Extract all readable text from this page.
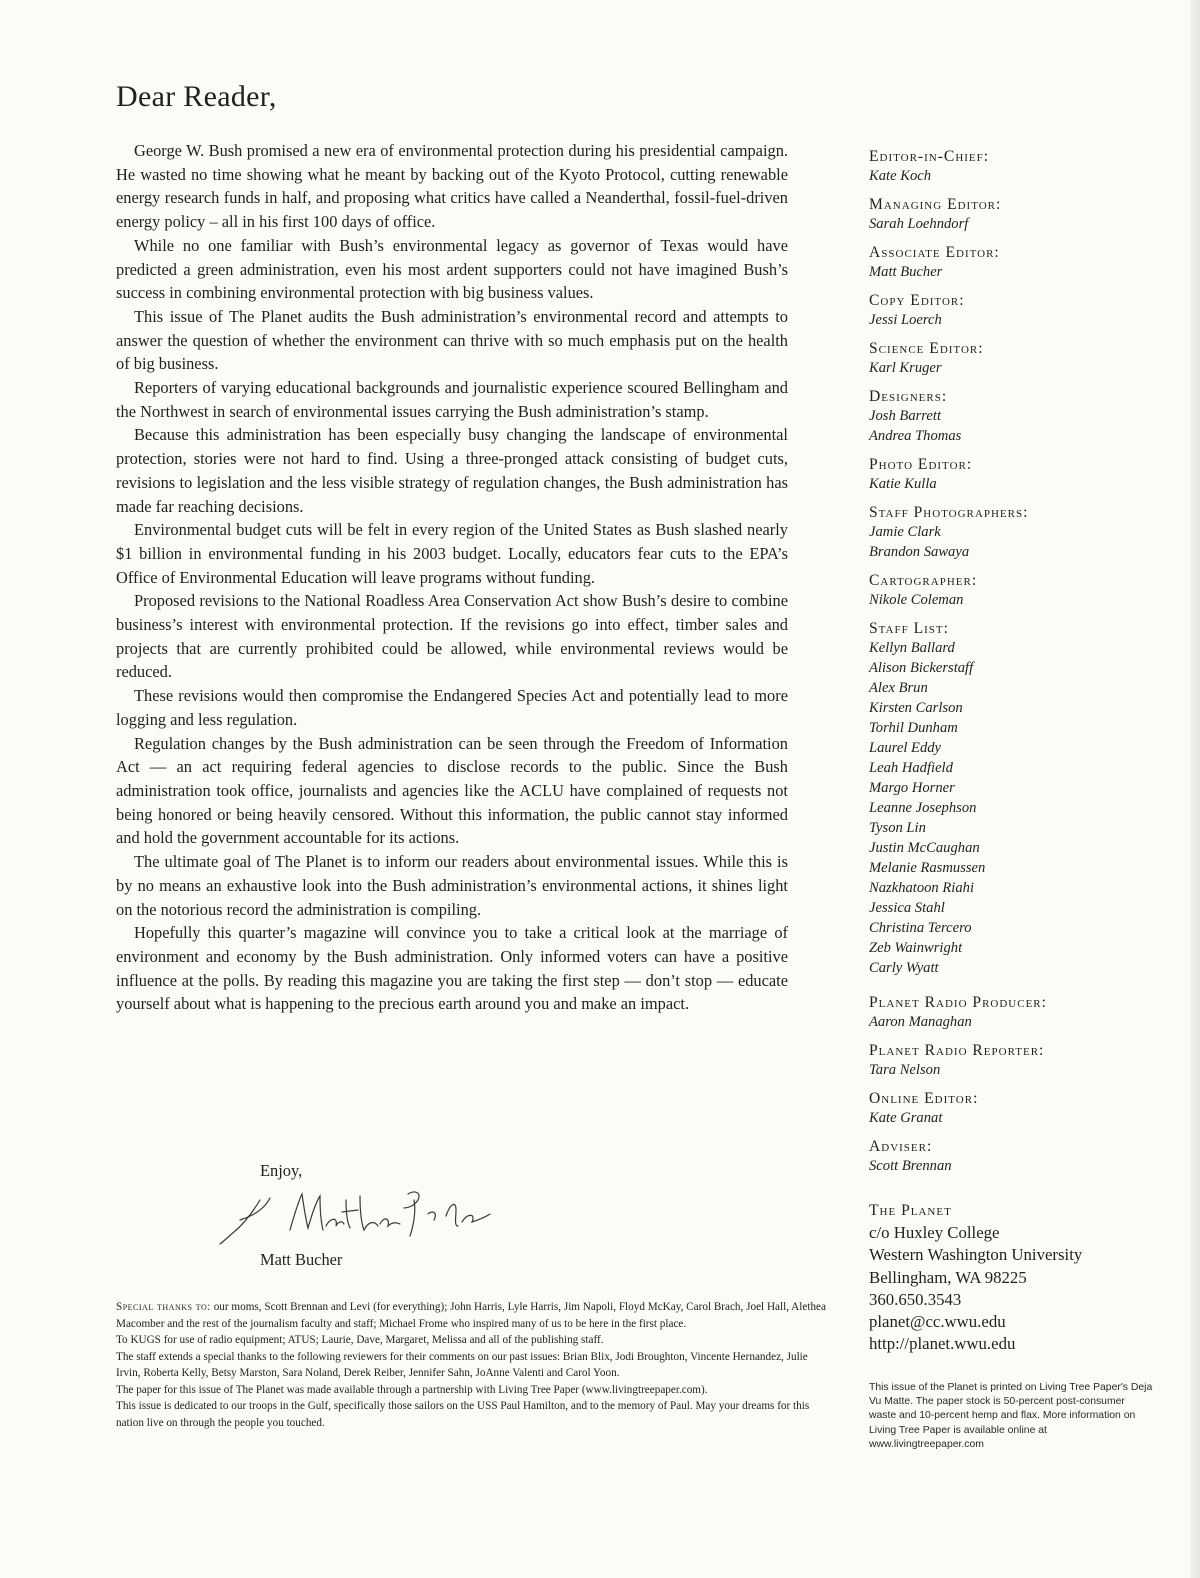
Dear Reader,

George W. Bush promised a new era of environmental protection during his presidential campaign. He wasted no time showing what he meant by backing out of the Kyoto Protocol, cutting renewable energy research funds in half, and proposing what critics have called a Neanderthal, fossil-fuel-driven energy policy – all in his first 100 days of office.

While no one familiar with Bush’s environmental legacy as governor of Texas would have predicted a green administration, even his most ardent supporters could not have imagined Bush’s success in combining environmental protection with big business values.

This issue of The Planet audits the Bush administration’s environmental record and attempts to answer the question of whether the environment can thrive with so much emphasis put on the health of big business.

Reporters of varying educational backgrounds and journalistic experience scoured Bellingham and the Northwest in search of environmental issues carrying the Bush administration’s stamp.

Because this administration has been especially busy changing the landscape of environmental protection, stories were not hard to find. Using a three-pronged attack consisting of budget cuts, revisions to legislation and the less visible strategy of regulation changes, the Bush administration has made far reaching decisions.

Environmental budget cuts will be felt in every region of the United States as Bush slashed nearly $1 billion in environmental funding in his 2003 budget. Locally, educators fear cuts to the EPA’s Office of Environmental Education will leave programs without funding.

Proposed revisions to the National Roadless Area Conservation Act show Bush’s desire to combine business’s interest with environmental protection. If the revisions go into effect, timber sales and projects that are currently prohibited could be allowed, while environmental reviews would be reduced.

These revisions would then compromise the Endangered Species Act and potentially lead to more logging and less regulation.

Regulation changes by the Bush administration can be seen through the Freedom of Information Act — an act requiring federal agencies to disclose records to the public. Since the Bush administration took office, journalists and agencies like the ACLU have complained of requests not being honored or being heavily censored. Without this information, the public cannot stay informed and hold the government accountable for its actions.

The ultimate goal of The Planet is to inform our readers about environmental issues. While this is by no means an exhaustive look into the Bush administration’s environmental actions, it shines light on the notorious record the administration is compiling.

Hopefully this quarter’s magazine will convince you to take a critical look at the marriage of environment and economy by the Bush administration. Only informed voters can have a positive influence at the polls. By reading this magazine you are taking the first step — don’t stop — educate yourself about what is happening to the precious earth around you and make an impact.

Enjoy,
Matt Bucher

Special thanks to: our moms, Scott Brennan and Levi (for everything); John Harris, Lyle Harris, Jim Napoli, Floyd McKay, Carol Brach, Joel Hall, Alethea Macomber and the rest of the journalism faculty and staff; Michael Frome who inspired many of us to be here in the first place.

To KUGS for use of radio equipment; ATUS; Laurie, Dave, Margaret, Melissa and all of the publishing staff.

The staff extends a special thanks to the following reviewers for their comments on our past issues: Brian Blix, Jodi Broughton, Vincente Hernandez, Julie Irvin, Roberta Kelly, Betsy Marston, Sara Noland, Derek Reiber, Jennifer Sahn, JoAnne Valenti and Carol Yoon.

The paper for this issue of The Planet was made available through a partnership with Living Tree Paper (www.livingtreepaper.com).

This issue is dedicated to our troops in the Gulf, specifically those sailors on the USS Paul Hamilton, and to the memory of Paul. May your dreams for this nation live on through the people you touched.

Editor-in-Chief:
Kate Koch
Managing Editor:
Sarah Loehndorf
Associate Editor:
Matt Bucher
Copy Editor:
Jessi Loerch
Science Editor:
Karl Kruger
Designers:
Josh Barrett
Andrea Thomas
Photo Editor:
Katie Kulla
Staff Photographers:
Jamie Clark
Brandon Sawaya
Cartographer:
Nikole Coleman
Staff List:
Kellyn Ballard
Alison Bickerstaff
Alex Brun
Kirsten Carlson
Torhil Dunham
Laurel Eddy
Leah Hadfield
Margo Horner
Leanne Josephson
Tyson Lin
Justin McCaughan
Melanie Rasmussen
Nazkhatoon Riahi
Jessica Stahl
Christina Tercero
Zeb Wainwright
Carly Wyatt
Planet Radio Producer:
Aaron Managhan
Planet Radio Reporter:
Tara Nelson
Online Editor:
Kate Granat
Adviser:
Scott Brennan
The Planet
c/o Huxley College
Western Washington University
Bellingham, WA 98225
360.650.3543
planet@cc.wwu.edu
http://planet.wwu.edu
This issue of the Planet is printed on Living Tree Paper's Deja Vu Matte. The paper stock is 50-percent post-consumer waste and 10-percent hemp and flax. More information on Living Tree Paper is available online at www.livingtreepaper.com
